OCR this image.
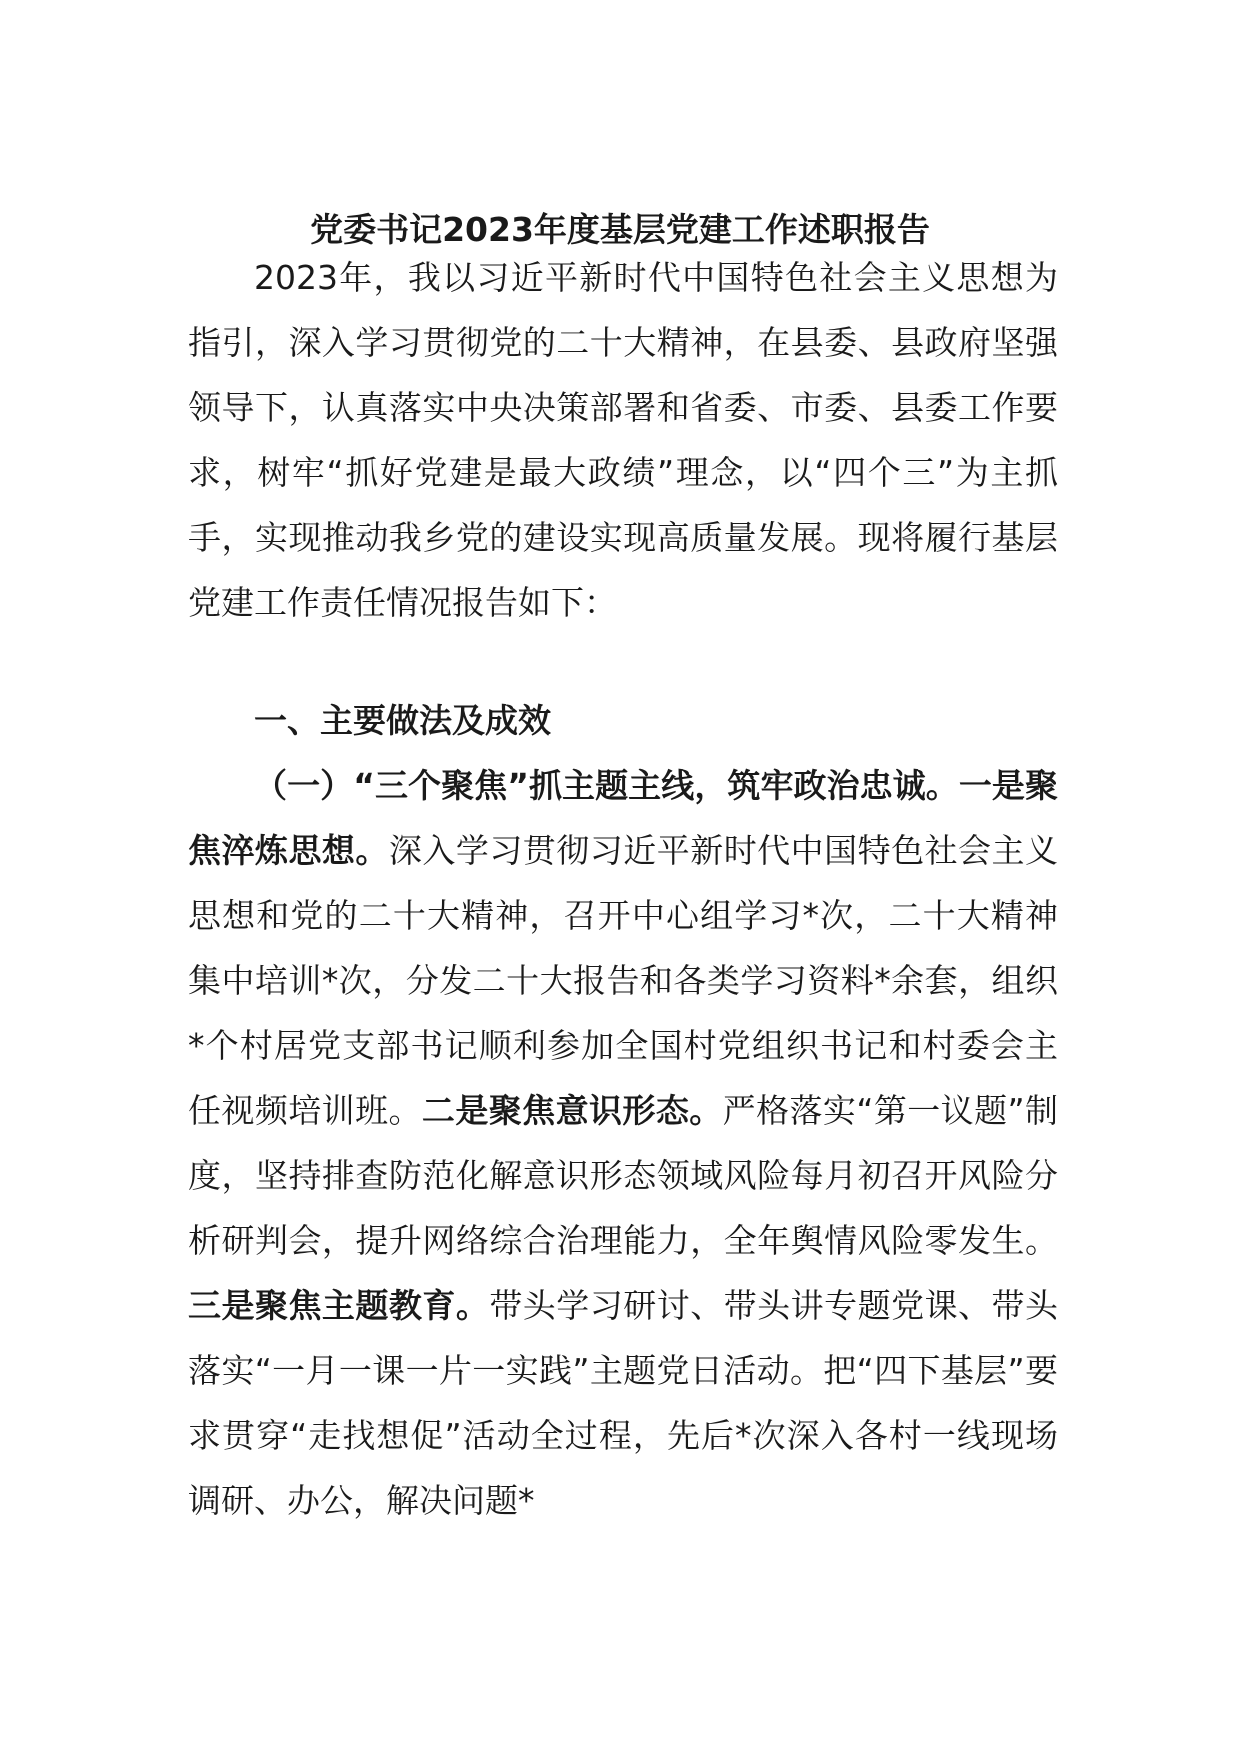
党委书记2023年度基层党建工作述职报告

2023年，我以习近平新时代中国特色社会主义思想为指引，深入学习贯彻党的二十大精神，在县委、县政府坚强领导下，认真落实中央决策部署和省委、市委、县委工作要求，树牢“抓好党建是最大政绩”理念，以“四个三”为主抓手，实现推动我乡党的建设实现高质量发展。现将履行基层党建工作责任情况报告如下：

一、主要做法及成效

（一）“三个聚焦”抓主题主线，筑牢政治忠诚。一是聚焦淬炼思想。深入学习贯彻习近平新时代中国特色社会主义思想和党的二十大精神，召开中心组学习*次，二十大精神集中培训*次，分发二十大报告和各类学习资料*余套，组织*个村居党支部书记顺利参加全国村党组织书记和村委会主任视频培训班。二是聚焦意识形态。严格落实“第一议题”制度，坚持排查防范化解意识形态领域风险每月初召开风险分析研判会，提升网络综合治理能力，全年舆情风险零发生。三是聚焦主题教育。带头学习研讨、带头讲专题党课、带头落实“一月一课一片一实践”主题党日活动。把“四下基层”要求贯穿“走找想促”活动全过程，先后*次深入各村一线现场调研、办公，解决问题*
